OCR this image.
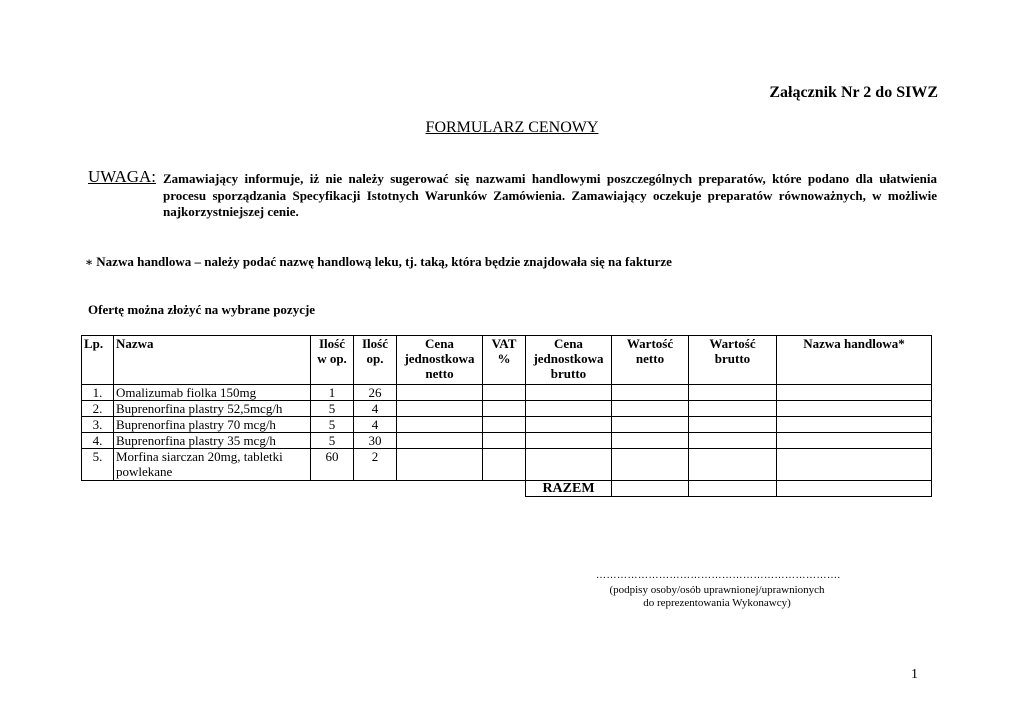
Załącznik Nr 2 do SIWZ
FORMULARZ CENOWY
UWAGA: Zamawiający informuje, iż nie należy sugerować się nazwami handlowymi poszczególnych preparatów, które podano dla ułatwienia procesu sporządzania Specyfikacji Istotnych Warunków Zamówienia. Zamawiający oczekuje preparatów równoważnych, w możliwie najkorzystniejszej cenie.
∗ Nazwa handlowa – należy podać nazwę handlową leku, tj. taką, która będzie znajdowała się na fakturze
Ofertę można złożyć na wybrane pozycje
Lp.	Nazwa	Ilość w op.	Ilość op.	Cena jednostkowa netto	VAT %	Cena jednostkowa brutto	Wartość netto	Wartość brutto	Nazwa handlowa*
1.	Omalizumab fiolka 150mg	1	26						
2.	Buprenorfina plastry 52,5mcg/h	5	4						
3.	Buprenorfina plastry 70 mcg/h	5	4						
4.	Buprenorfina plastry 35 mcg/h	5	30						
5.	Morfina siarczan 20mg, tabletki powlekane	60	2						
						RAZEM			
…………………………………………………………….
(podpisy osoby/osób uprawnionej/uprawnionych
do reprezentowania Wykonawcy)
1
